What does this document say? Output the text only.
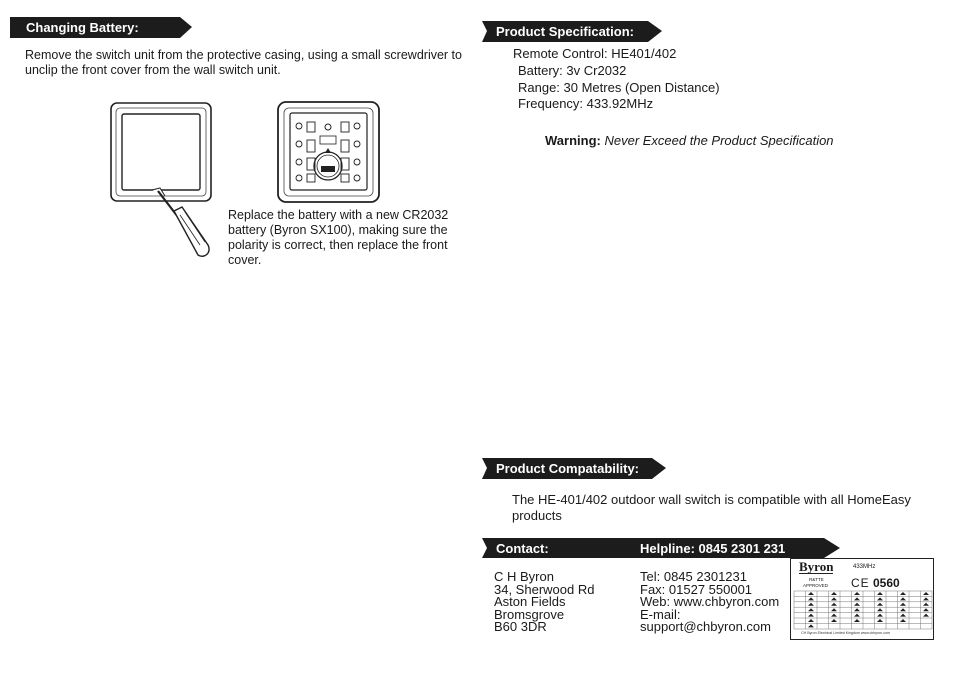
Changing Battery:
Remove the switch unit from the protective casing, using a small screwdriver to
unclip the front cover from the wall switch unit.
Replace the battery with a new CR2032
battery (Byron SX100), making sure the
polarity is correct, then replace the front
cover.
Product Specification:
Remote Control: HE401/402
Battery: 3v Cr2032
Range: 30 Metres (Open Distance)
Frequency: 433.92MHz
Warning: Never Exceed the Product Specification
Product Compatability:
The HE-401/402 outdoor wall switch is compatible with all HomeEasy
products
Contact:	Helpline: 0845 2301 231
C H Byron
34, Sherwood Rd
Aston Fields
Bromsgrove
B60 3DR
Tel: 0845 2301231
Fax: 01527 550001
Web: www.chbyron.com
E-mail:
support@chbyron.com
Byron	433MHz
R&TTE
APPROVED CE 0560
CH Byron Electrical Limited Kingdom www.chbyron.com
